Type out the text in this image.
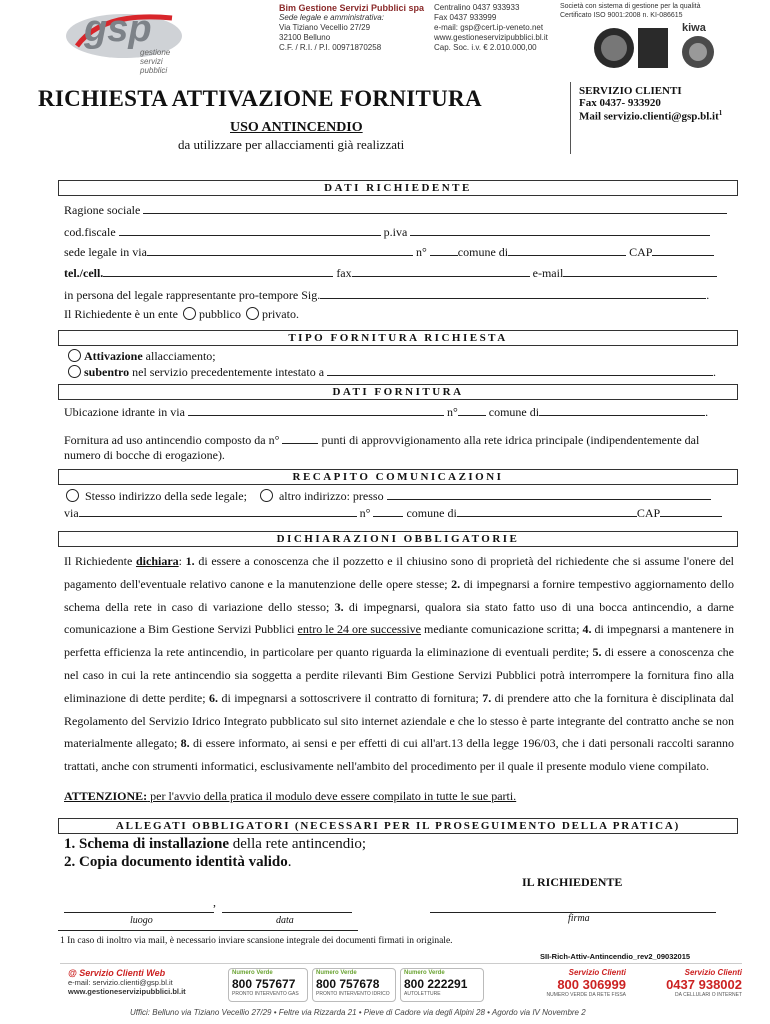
gsp
gestione
servizi
pubblici
Bim Gestione Servizi Pubblici spa
Sede legale e amministrativa:
Via Tiziano Vecellio 27/29
32100 Belluno
C.F. / R.I. / P.I. 00971870258
Centralino 0437 933933
Fax 0437 933999
e-mail: gsp@cert.ip-veneto.net
www.gestioneservizipubblici.bl.it
Cap. Soc. i.v. € 2.010.000,00
Società con sistema di gestione per la qualità
Certificato ISO 9001:2008 n. KI-086615
kiwa
RICHIESTA ATTIVAZIONE FORNITURA
USO ANTINCENDIO
da utilizzare per allacciamenti già realizzati
SERVIZIO CLIENTI
Fax 0437- 933920
Mail $servizio.clienti@gsp.bl.it^1$
DATI RICHIEDENTE
Ragione sociale
cod.fiscale	p.iva
sede legale in via	n°	comune di	CAP
tel./cell.	fax	e-mail
in persona del legale rappresentante pro-tempore Sig.	.
Il Richiedente è un ente pubblico privato.
TIPO FORNITURA RICHIESTA
Attivazione allacciamento;
subentro nel servizio precedentemente intestato a	.
DATI FORNITURA
Ubicazione idrante in via	n°	comune di	.
Fornitura ad uso antincendio composto da n°	punti di approvvigionamento alla rete idrica principale (indipendentemente dal numero di bocche di erogazione).
RECAPITO COMUNICAZIONI
Stesso indirizzo della sede legale;	altro indirizzo: presso
via	n°	comune di	CAP
DICHIARAZIONI OBBLIGATORIE
Il Richiedente dichiara: 1. di essere a conoscenza che il pozzetto e il chiusino sono di proprietà del richiedente che si assume l'onere del pagamento dell'eventuale relativo canone e la manutenzione delle opere stesse; 2. di impegnarsi a fornire tempestivo aggiornamento dello schema della rete in caso di variazione dello stesso; 3. di impegnarsi, qualora sia stato fatto uso di una bocca antincendio, a darne comunicazione a Bim Gestione Servizi Pubblici entro le 24 ore successive mediante comunicazione scritta; 4. di impegnarsi a mantenere in perfetta efficienza la rete antincendio, in particolare per quanto riguarda la eliminazione di eventuali perdite; 5. di essere a conoscenza che nel caso in cui la rete antincendio sia soggetta a perdite rilevanti Bim Gestione Servizi Pubblici potrà interrompere la fornitura fino alla eliminazione di dette perdite; 6. di impegnarsi a sottoscrivere il contratto di fornitura; 7. di prendere atto che la fornitura è disciplinata dal Regolamento del Servizio Idrico Integrato pubblicato sul sito internet aziendale e che lo stesso è parte integrante del contratto anche se non materialmente allegato; 8. di essere informato, ai sensi e per effetti di cui all'art.13 della legge 196/03, che i dati personali raccolti saranno trattati, anche con strumenti informatici, esclusivamente nell'ambito del procedimento per il quale il presente modulo viene compilato.
ATTENZIONE: per l'avvio della pratica il modulo deve essere compilato in tutte le sue parti.
ALLEGATI OBBLIGATORI (NECESSARI PER IL PROSEGUIMENTO DELLA PRATICA)
1. Schema di installazione della rete antincendio;
2. Copia documento identità valido.
IL RICHIEDENTE
,
luogo	data	firma
1 In caso di inoltro via mail, è necessario inviare scansione integrale dei documenti firmati in originale.
SII-Rich-Attiv-Antincendio_rev2_09032015
@ Servizio Clienti Web
e-mail: servizio.clienti@gsp.bl.it
www.gestioneservizipubblici.bl.it
Numero Verde
800 757677
PRONTO INTERVENTO GAS
Numero Verde
800 757678
PRONTO INTERVENTO IDRICO
Numero Verde
800 222291
AUTOLETTURE
Servizio Clienti
800 306999
NUMERO VERDE DA RETE FISSA
Servizio Clienti
0437 938002
DA CELLULARI O INTERNET
Uffici: Belluno via Tiziano Vecellio 27/29 • Feltre via Rizzarda 21 • Pieve di Cadore via degli Alpini 28 • Agordo via IV Novembre 2
